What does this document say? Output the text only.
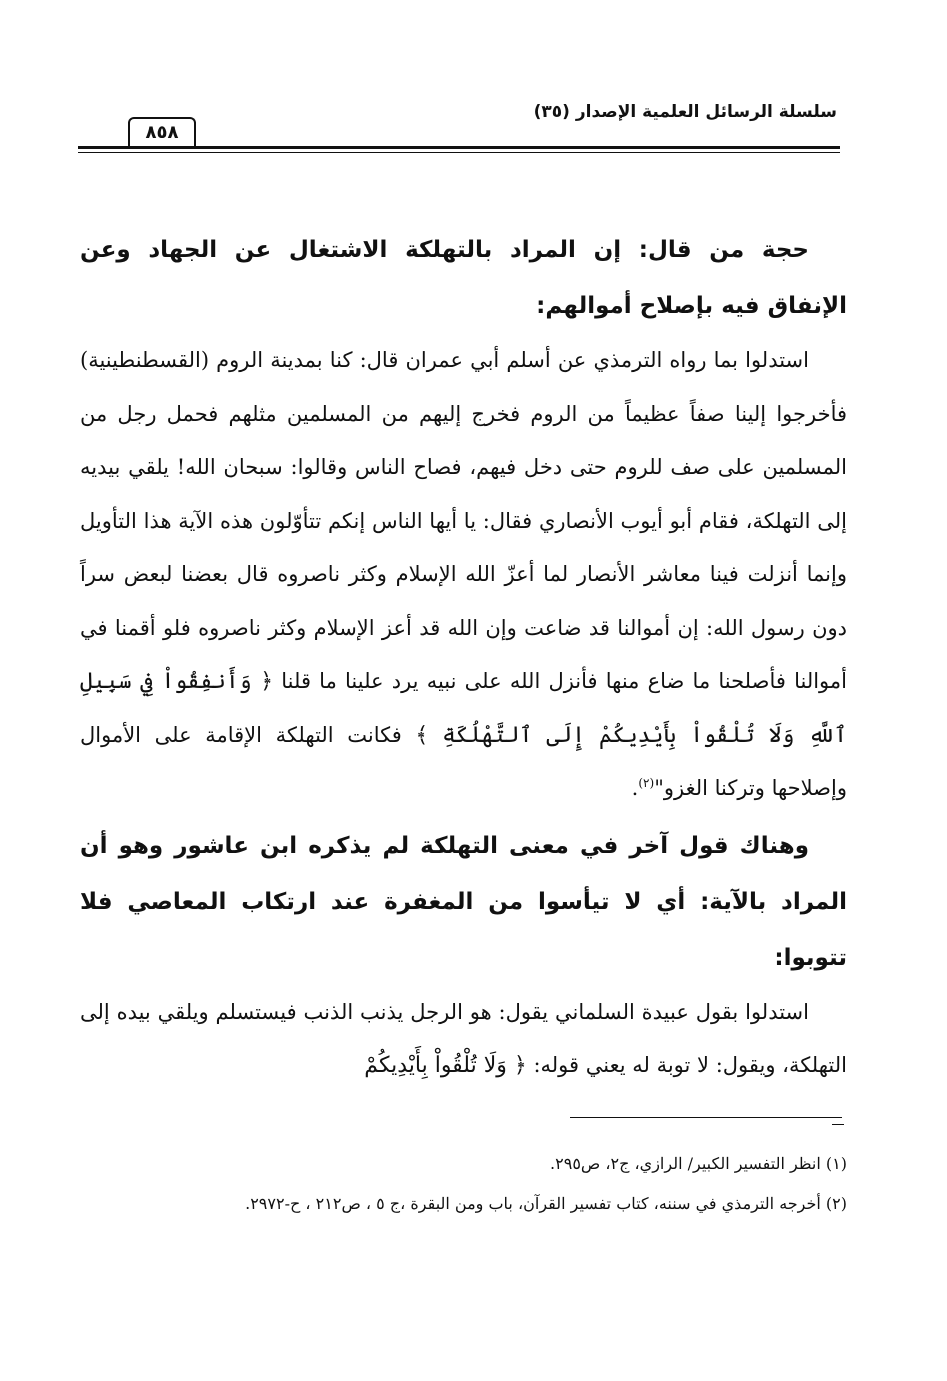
سلسلة الرسائل العلمية الإصدار (٣٥)
٨٥٨

حجة من قال: إن المراد بالتهلكة الاشتغال عن الجهاد وعن الإنفاق فيه بإصلاح أموالهم:

استدلوا بما رواه الترمذي عن أسلم أبي عمران قال: كنا بمدينة الروم (القسطنطينية) فأخرجوا إلينا صفاً عظيماً من الروم فخرج إليهم من المسلمين مثلهم فحمل رجل من المسلمين على صف للروم حتى دخل فيهم، فصاح الناس وقالوا: سبحان الله! يلقي بيديه إلى التهلكة، فقام أبو أيوب الأنصاري فقال: يا أيها الناس إنكم تتأوّلون هذه الآية هذا التأويل وإنما أنزلت فينا معاشر الأنصار لما أعزّ الله الإسلام وكثر ناصروه قال بعضنا لبعض سراً دون رسول الله: إن أموالنا قد ضاعت وإن الله قد أعز الإسلام وكثر ناصروه فلو أقمنا في أموالنا فأصلحنا ما ضاع منها فأنزل الله على نبيه يرد علينا ما قلنا ﴿ وَأَنفِقُواْ فِي سَبِيلِ ٱللَّهِ وَلَا تُلْقُواْ بِأَيْدِيكُمْ إِلَى ٱلتَّهْلُكَةِ ﴾ فكانت التهلكة الإقامة على الأموال وإصلاحها وتركنا الغزو"$^{(٢)}$.

وهناك قول آخر في معنى التهلكة لم يذكره ابن عاشور وهو أن المراد بالآية: أي لا تيأسوا من المغفرة عند ارتكاب المعاصي فلا تتوبوا:

استدلوا بقول عبيدة السلماني يقول: هو الرجل يذنب الذنب فيستسلم ويلقي بيده إلى التهلكة، ويقول: لا توبة له يعني قوله: ﴿ وَلَا تُلْقُواْ بِأَيْدِيكُمْ

(١) انظر التفسير الكبير/ الرازي، ج٢، ص٢٩٥.

(٢) أخرجه الترمذي في سننه، كتاب تفسير القرآن، باب ومن البقرة ،ج ٥ ، ص٢١٢ ، ح-٢٩٧٢.
